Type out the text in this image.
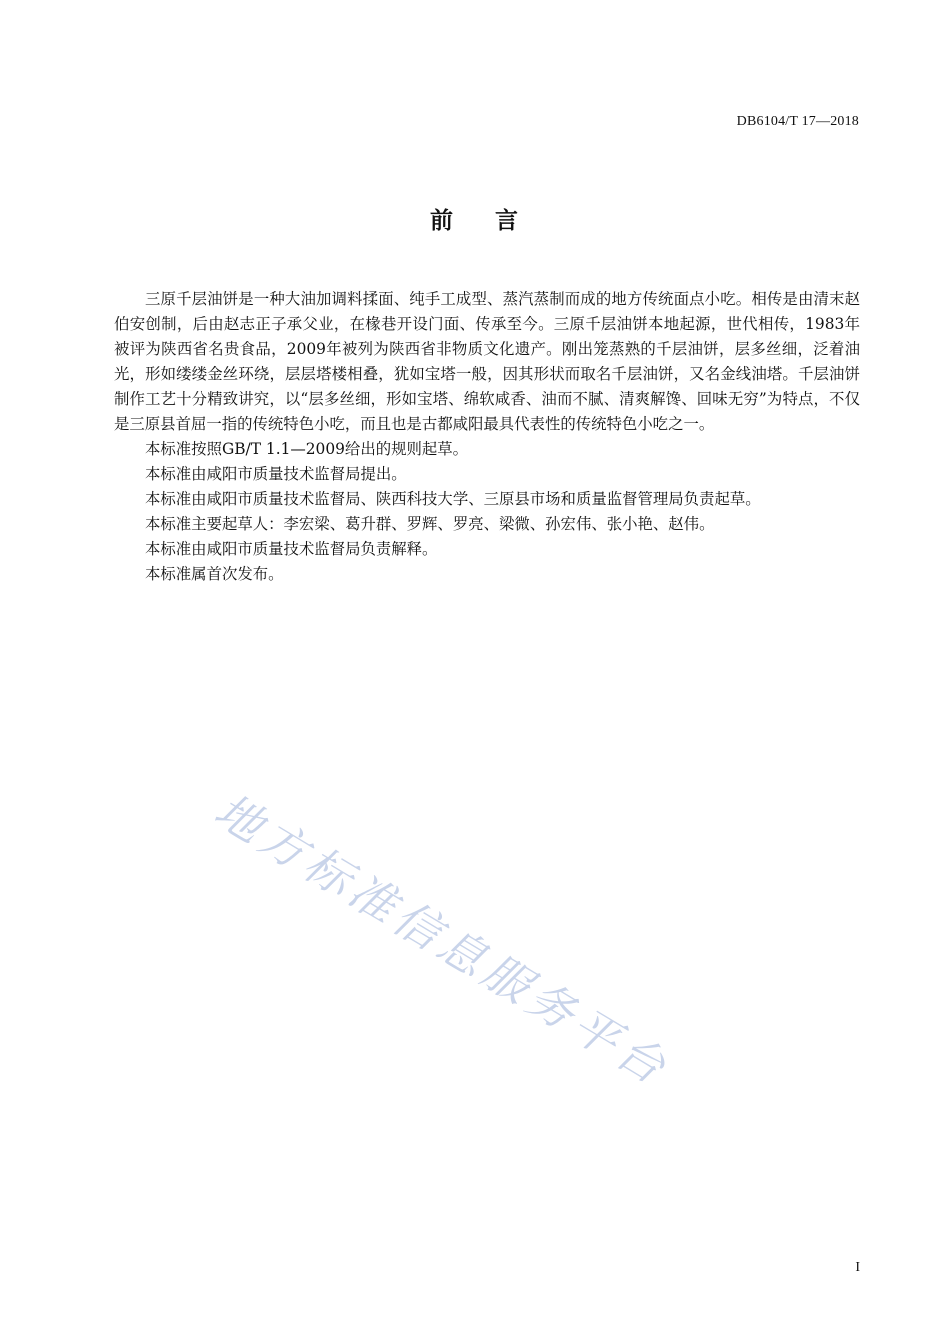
DB6104/T 17—2018
前 言

三原千层油饼是一种大油加调料揉面、纯手工成型、蒸汽蒸制而成的地方传统面点小吃。相传是由清末赵伯安创制，后由赵志正子承父业，在椽巷开设门面、传承至今。三原千层油饼本地起源，世代相传，1983年被评为陕西省名贵食品，2009年被列为陕西省非物质文化遗产。刚出笼蒸熟的千层油饼，层多丝细，泛着油光，形如缕缕金丝环绕，层层塔楼相叠，犹如宝塔一般，因其形状而取名千层油饼，又名金线油塔。千层油饼制作工艺十分精致讲究，以“层多丝细，形如宝塔、绵软咸香、油而不腻、清爽解馋、回味无穷”为特点，不仅是三原县首屈一指的传统特色小吃，而且也是古都咸阳最具代表性的传统特色小吃之一。

本标准按照GB/T 1.1—2009给出的规则起草。

本标准由咸阳市质量技术监督局提出。

本标准由咸阳市质量技术监督局、陕西科技大学、三原县市场和质量监督管理局负责起草。

本标准主要起草人：李宏梁、葛升群、罗辉、罗亮、梁微、孙宏伟、张小艳、赵伟。

本标准由咸阳市质量技术监督局负责解释。

本标准属首次发布。

地方标准信息服务平台
I
